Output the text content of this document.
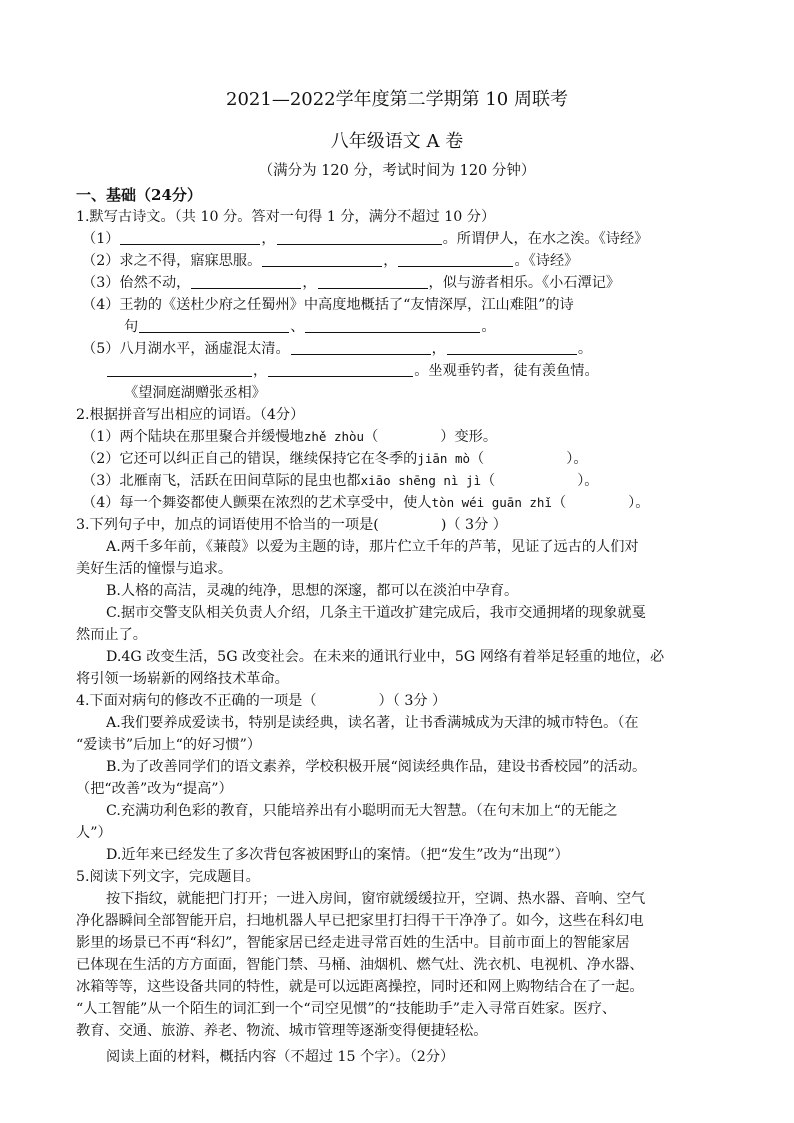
2021—2022学年度第二学期第 10 周联考
八年级语文 A 卷
（满分为 120 分，考试时间为 120 分钟）
一、基础（24分）
1.默写古诗文。（共 10 分。答对一句得 1 分，满分不超过 10 分）
（1）	，	。所谓伊人，在水之涘。《诗经》
（2）求之不得，寤寐思服。	，	。《诗经》
（3）佁然不动，	，	，似与游者相乐。《小石潭记》
（4）王勃的《送杜少府之任蜀州》中高度地概括了“友情深厚，江山难阻”的诗
句	、	。
（5）八月湖水平，涵虚混太清。	，	。
，	。坐观垂钓者，徒有羡鱼情。
《望洞庭湖赠张丞相》
2.根据拼音写出相应的词语。（4分）
（1）两个陆块在那里聚合并缓慢地zhě zhòu（	）变形。
（2）它还可以纠正自己的错误，继续保持它在冬季的jiān mò（	）。
（3）北雁南飞，活跃在田间草际的昆虫也都xiāo shēng nì jì（	）。
（4）每一个舞姿都使人颤栗在浓烈的艺术享受中，使人tòn wéi guān zhǐ（	）。
3.下列句子中，加点的词语使用不恰当的一项是(	)（ 3分 ）
A.两千多年前，《蒹葭》以爱为主题的诗，那片伫立千年的芦苇，见证了远古的人们对
美好生活的憧憬与追求。
B.人格的高洁，灵魂的纯净，思想的深邃，都可以在淡泊中孕育。
C.据市交警支队相关负责人介绍，几条主干道改扩建完成后，我市交通拥堵的现象就戛
然而止了。
D.4G 改变生活，5G 改变社会。在未来的通讯行业中，5G 网络有着举足轻重的地位，必
将引领一场崭新的网络技术革命。
4.下面对病句的修改不正确的一项是（	）（ 3分 ）
A.我们要养成爱读书，特别是读经典，读名著，让书香满城成为天津的城市特色。（在
“爱读书”后加上“的好习惯”）
B.为了改善同学们的语文素养，学校积极开展“阅读经典作品，建设书香校园”的活动。
（把“改善”改为“提高”）
C.充满功利色彩的教育，只能培养出有小聪明而无大智慧。（在句末加上“的无能之
人”）
D.近年来已经发生了多次背包客被困野山的案情。（把“发生”改为“出现”）
5.阅读下列文字，完成题目。
按下指纹，就能把门打开；一进入房间，窗帘就缓缓拉开，空调、热水器、音响、空气
净化器瞬间全部智能开启，扫地机器人早已把家里打扫得干干净净了。如今，这些在科幻电
影里的场景已不再“科幻”，智能家居已经走进寻常百姓的生活中。目前市面上的智能家居
已体现在生活的方方面面，智能门禁、马桶、油烟机、燃气灶、洗衣机、电视机、净水器、
冰箱等等，这些设备共同的特性，就是可以远距离操控，同时还和网上购物结合在了一起。
“人工智能”从一个陌生的词汇到一个“司空见惯”的“技能助手”走入寻常百姓家。医疗、
教育、交通、旅游、养老、物流、城市管理等逐渐变得便捷轻松。
阅读上面的材料，概括内容（不超过 15 个字）。（2分）
